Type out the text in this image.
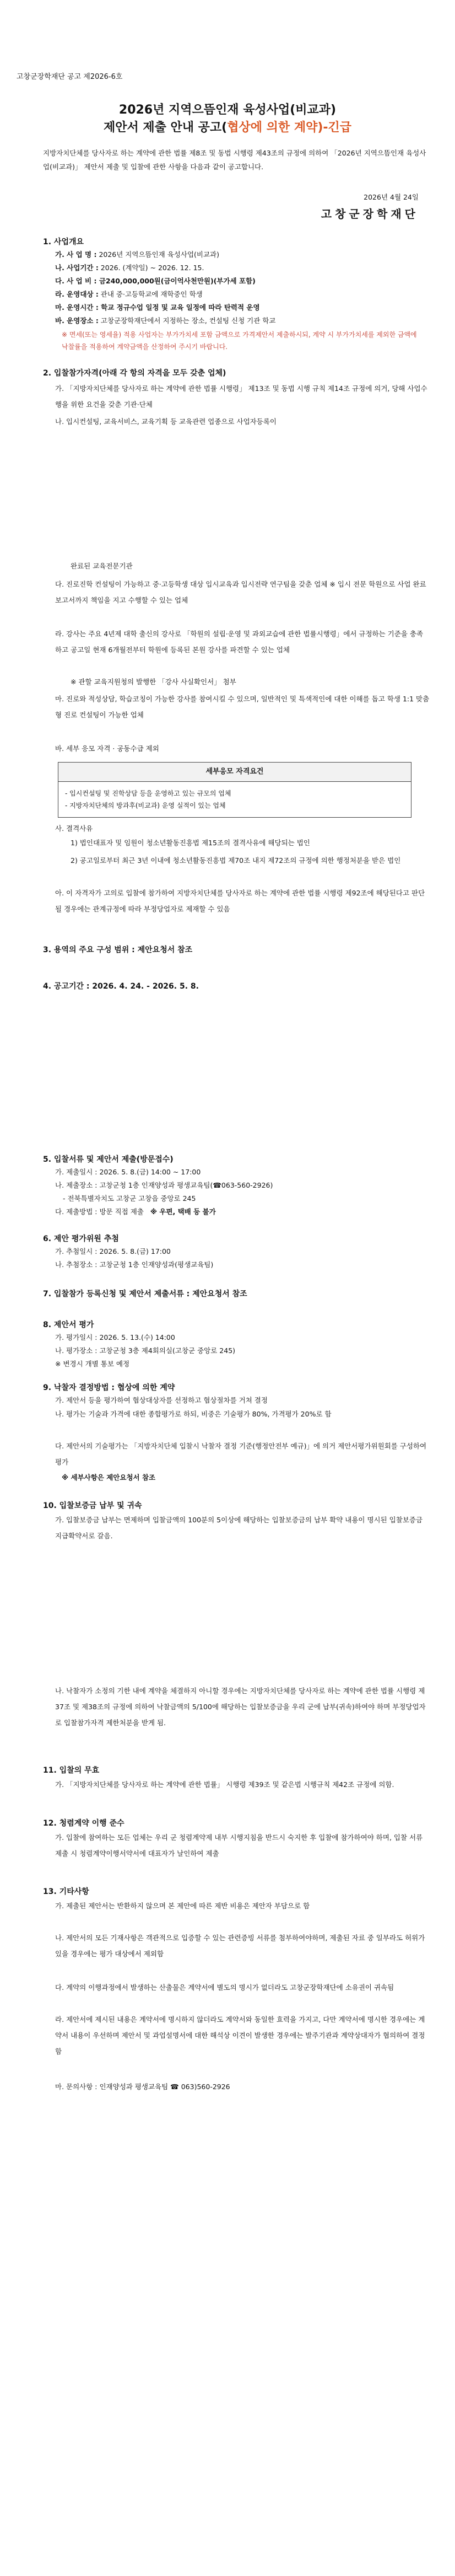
고창군장학재단 공고 제2026-6호
2026년 지역으뜸인재 육성사업(비교과)
제안서 제출 안내 공고(협상에 의한 계약)-긴급
지방자치단체를 당사자로 하는 계약에 관한 법률 제8조 및 동법 시행령 제43조의 규정에 의하여 「2026년 지역으뜸인재 육성사업(비교과)」 제안서 제출 및 입찰에 관한 사항을 다음과 같이 공고합니다.
2026년 4월 24일
고창군장학재단
1. 사업개요
가. 사 업 명 : 2026년 지역으뜸인재 육성사업(비교과)
나. 사업기간 : 2026. (계약일) ~ 2026. 12. 15.
다. 사 업 비 : 금240,000,000원(금이억사천만원)(부가세 포함)
라. 운영대상 : 관내 중·고등학교에 재학중인 학생
마. 운영시간 : 학교 정규수업 일정 및 교육 일정에 따라 탄력적 운영
바. 운영장소 : 고창군장학재단에서 지정하는 장소, 컨설팅 신청 기관 학교
※ 면세(또는 영세율) 적용 사업자는 부가가치세 포함 금액으로 가격제안서 제출하시되, 계약 시 부가가치세를 제외한 금액에 낙찰률을 적용하여 계약금액을 산정하여 주시기 바랍니다.
2. 입찰참가자격(아래 각 항의 자격을 모두 갖춘 업체)
가. 「지방자치단체를 당사자로 하는 계약에 관한 법률 시행령」 제13조 및 동법 시행 규칙 제14조 규정에 의거, 당해 사업수행을 위한 요건을 갖춘 기관·단체
나. 입시컨설팅, 교육서비스, 교육기획 등 교육관련 업종으로 사업자등록이
완료된 교육전문기관
다. 진로진학 컨설팅이 가능하고 중·고등학생 대상 입시교육과 입시전략 연구팀을 갖춘 업체 ※ 입시 전문 학원으로 사업 완료 보고서까지 책임을 지고 수행할 수 있는 업체
라. 강사는 주요 4년제 대학 출신의 강사로 「학원의 설립·운영 및 과외교습에 관한 법률시행령」에서 규정하는 기준을 충족하고 공고일 현재 6개월전부터 학원에 등록된 본원 강사를 파견할 수 있는 업체
※ 관할 교육지원청의 발행한 「강사 사실확인서」 첨부
마. 진로와 적성상담, 학습코칭이 가능한 강사를 참여시킬 수 있으며, 일반적인 및 특색적인에 대한 이해를 돕고 학생 1:1 맞춤형 진로 컨설팅이 가능한 업체
바. 세부 응모 자격 · 공동수급 제외
세부응모 자격요건
- 입시컨설팅 및 진학상담 등을 운영하고 있는 규모의 업체
- 지방자치단체의 방과후(비교과) 운영 실적이 있는 업체
사. 결격사유
1) 법인대표자 및 임원이 청소년활동진흥법 제15조의 결격사유에 해당되는 법인
2) 공고일로부터 최근 3년 이내에 청소년활동진흥법 제70조 내지 제72조의 규정에 의한 행정처분을 받은 법인
아. 이 자격자가 고의로 입찰에 참가하여 지방자치단체를 당사자로 하는 계약에 관한 법률 시행령 제92조에 해당된다고 판단될 경우에는 관계규정에 따라 부정당업자로 제재할 수 있음
3. 용역의 주요 구성 범위 : 제안요청서 참조
4. 공고기간 : 2026. 4. 24. - 2026. 5. 8.
5. 입찰서류 및 제안서 제출(방문접수)
가. 제출일시 : 2026. 5. 8.(금) 14:00 ~ 17:00
나. 제출장소 : 고창군청 1층 인재양성과 평생교육팀(☎063-560-2926)
- 전북특별자치도 고창군 고창읍 중앙로 245
다. 제출방법 : 방문 직접 제출 ※ 우편, 택배 등 불가
6. 제안 평가위원 추첨
가. 추첨일시 : 2026. 5. 8.(금) 17:00
나. 추첨장소 : 고창군청 1층 인재양성과(평생교육팀)
7. 입찰참가 등록신청 및 제안서 제출서류 : 제안요청서 참조
8. 제안서 평가
가. 평가일시 : 2026. 5. 13.(수) 14:00
나. 평가장소 : 고창군청 3층 제4회의실(고창군 중앙로 245)
※ 변경시 개별 통보 예정
9. 낙찰자 결정방법 : 협상에 의한 계약
가. 제안서 등을 평가하여 협상대상자를 선정하고 협상절차를 거쳐 결정
나. 평가는 기술과 가격에 대한 종합평가로 하되, 비중은 기술평가 80%, 가격평가 20%로 함
다. 제안서의 기술평가는 「지방자치단체 입찰시 낙찰자 결정 기준(행정안전부 예규)」에 의거 제안서평가위원회를 구성하여 평가
※ 세부사항은 제안요청서 참조
10. 입찰보증금 납부 및 귀속
가. 입찰보증금 납부는 면제하며 입찰금액의 100분의 5이상에 해당하는 입찰보증금의 납부 확약 내용이 명시된 입찰보증금 지급확약서로 갈음.
나. 낙찰자가 소정의 기한 내에 계약을 체결하지 아니할 경우에는 지방자치단체를 당사자로 하는 계약에 관한 법률 시행령 제37조 및 제38조의 규정에 의하여 낙찰금액의 5/100에 해당하는 입찰보증금을 우리 군에 납부(귀속)하여야 하며 부정당업자로 입찰참가자격 제한처분을 받게 됨.
11. 입찰의 무효
가. 「지방자치단체를 당사자로 하는 계약에 관한 법률」 시행령 제39조 및 같은법 시행규칙 제42조 규정에 의함.
12. 청렴계약 이행 준수
가. 입찰에 참여하는 모든 업체는 우리 군 청렴계약제 내부 시행지침을 반드시 숙지한 후 입찰에 참가하여야 하며, 입찰 서류 제출 시 청렴계약이행서약서에 대표자가 날인하여 제출
13. 기타사항
가. 제출된 제안서는 반환하지 않으며 본 제안에 따른 제반 비용은 제안자 부담으로 함
나. 제안서의 모든 기재사항은 객관적으로 입증할 수 있는 관련증빙 서류를 첨부하여야하며, 제출된 자료 중 일부라도 허위가 있을 경우에는 평가 대상에서 제외함
다. 계약의 이행과정에서 발생하는 산출물은 계약서에 별도의 명시가 없더라도 고창군장학재단에 소유권이 귀속됨
라. 제안서에 제시된 내용은 계약서에 명시하지 않더라도 계약서와 동일한 효력을 가지고, 다만 계약서에 명시한 경우에는 계약서 내용이 우선하며 제안서 및 과업설명서에 대한 해석상 이견이 발생한 경우에는 발주기관과 계약상대자가 협의하여 결정함
마. 문의사항 : 인재양성과 평생교육팀 ☎ 063)560-2926
